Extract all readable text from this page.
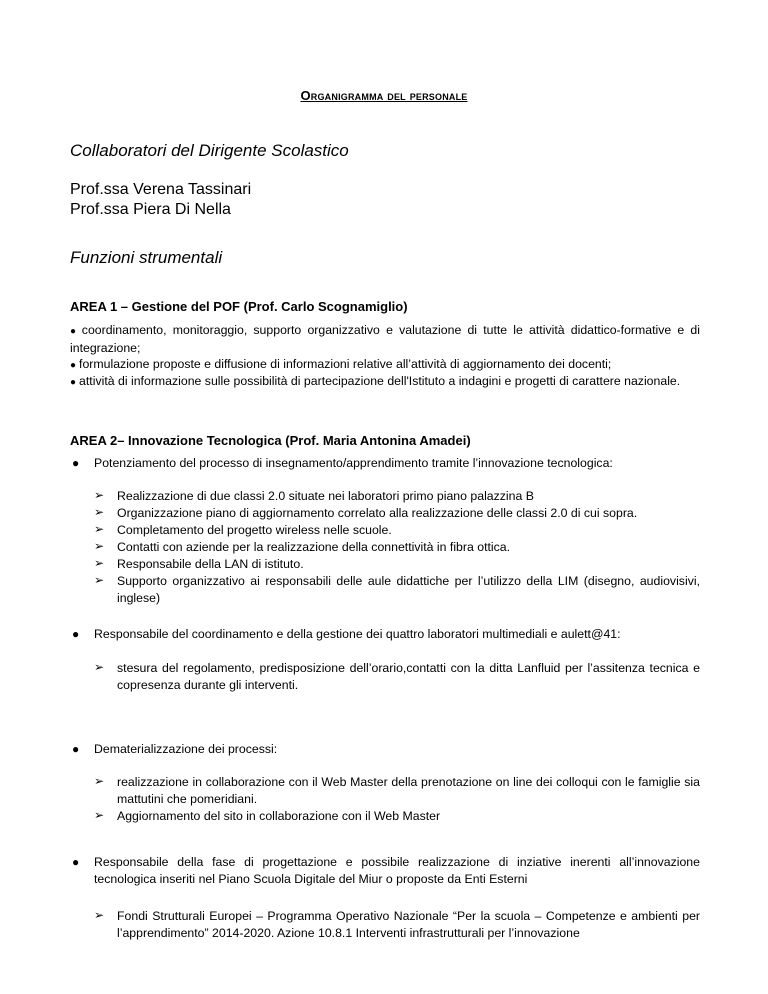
Organigramma del personale
Collaboratori del Dirigente Scolastico
Prof.ssa Verena Tassinari
Prof.ssa Piera Di Nella
Funzioni strumentali
AREA 1 – Gestione del POF (Prof. Carlo Scognamiglio)
● coordinamento, monitoraggio, supporto organizzativo e valutazione di tutte le attività didattico-formative e di integrazione;
● formulazione proposte e diffusione di informazioni relative all’attività di aggiornamento dei docenti;
● attività di informazione sulle possibilità di partecipazione dell'Istituto a indagini e progetti di carattere nazionale.
AREA 2– Innovazione Tecnologica (Prof. Maria Antonina Amadei)
● Potenziamento del processo di insegnamento/apprendimento tramite l’innovazione tecnologica:
➢ Realizzazione di due classi 2.0 situate nei laboratori primo piano palazzina B
➢ Organizzazione piano di aggiornamento correlato alla realizzazione delle classi 2.0 di cui sopra.
➢ Completamento del progetto wireless nelle scuole.
➢ Contatti con aziende per la realizzazione della connettività in fibra ottica.
➢ Responsabile della LAN di istituto.
➢ Supporto organizzativo ai responsabili delle aule didattiche per l’utilizzo della LIM (disegno, audiovisivi, inglese)
● Responsabile del coordinamento e della gestione dei quattro laboratori multimediali e aulett@41:
➢ stesura del regolamento, predisposizione dell’orario,contatti con la ditta Lanfluid per l’assitenza tecnica e copresenza durante gli interventi.
● Dematerializzazione dei processi:
➢ realizzazione in collaborazione con il Web Master della prenotazione on line dei colloqui con le famiglie sia mattutini che pomeridiani.
➢ Aggiornamento del sito in collaborazione con il Web Master
● Responsabile della fase di progettazione e possibile realizzazione di inziative inerenti all’innovazione tecnologica inseriti nel Piano Scuola Digitale del Miur o proposte da Enti Esterni
➢ Fondi Strutturali Europei – Programma Operativo Nazionale “Per la scuola – Competenze e ambienti per l’apprendimento” 2014-2020. Azione 10.8.1 Interventi infrastrutturali per l’innovazione
